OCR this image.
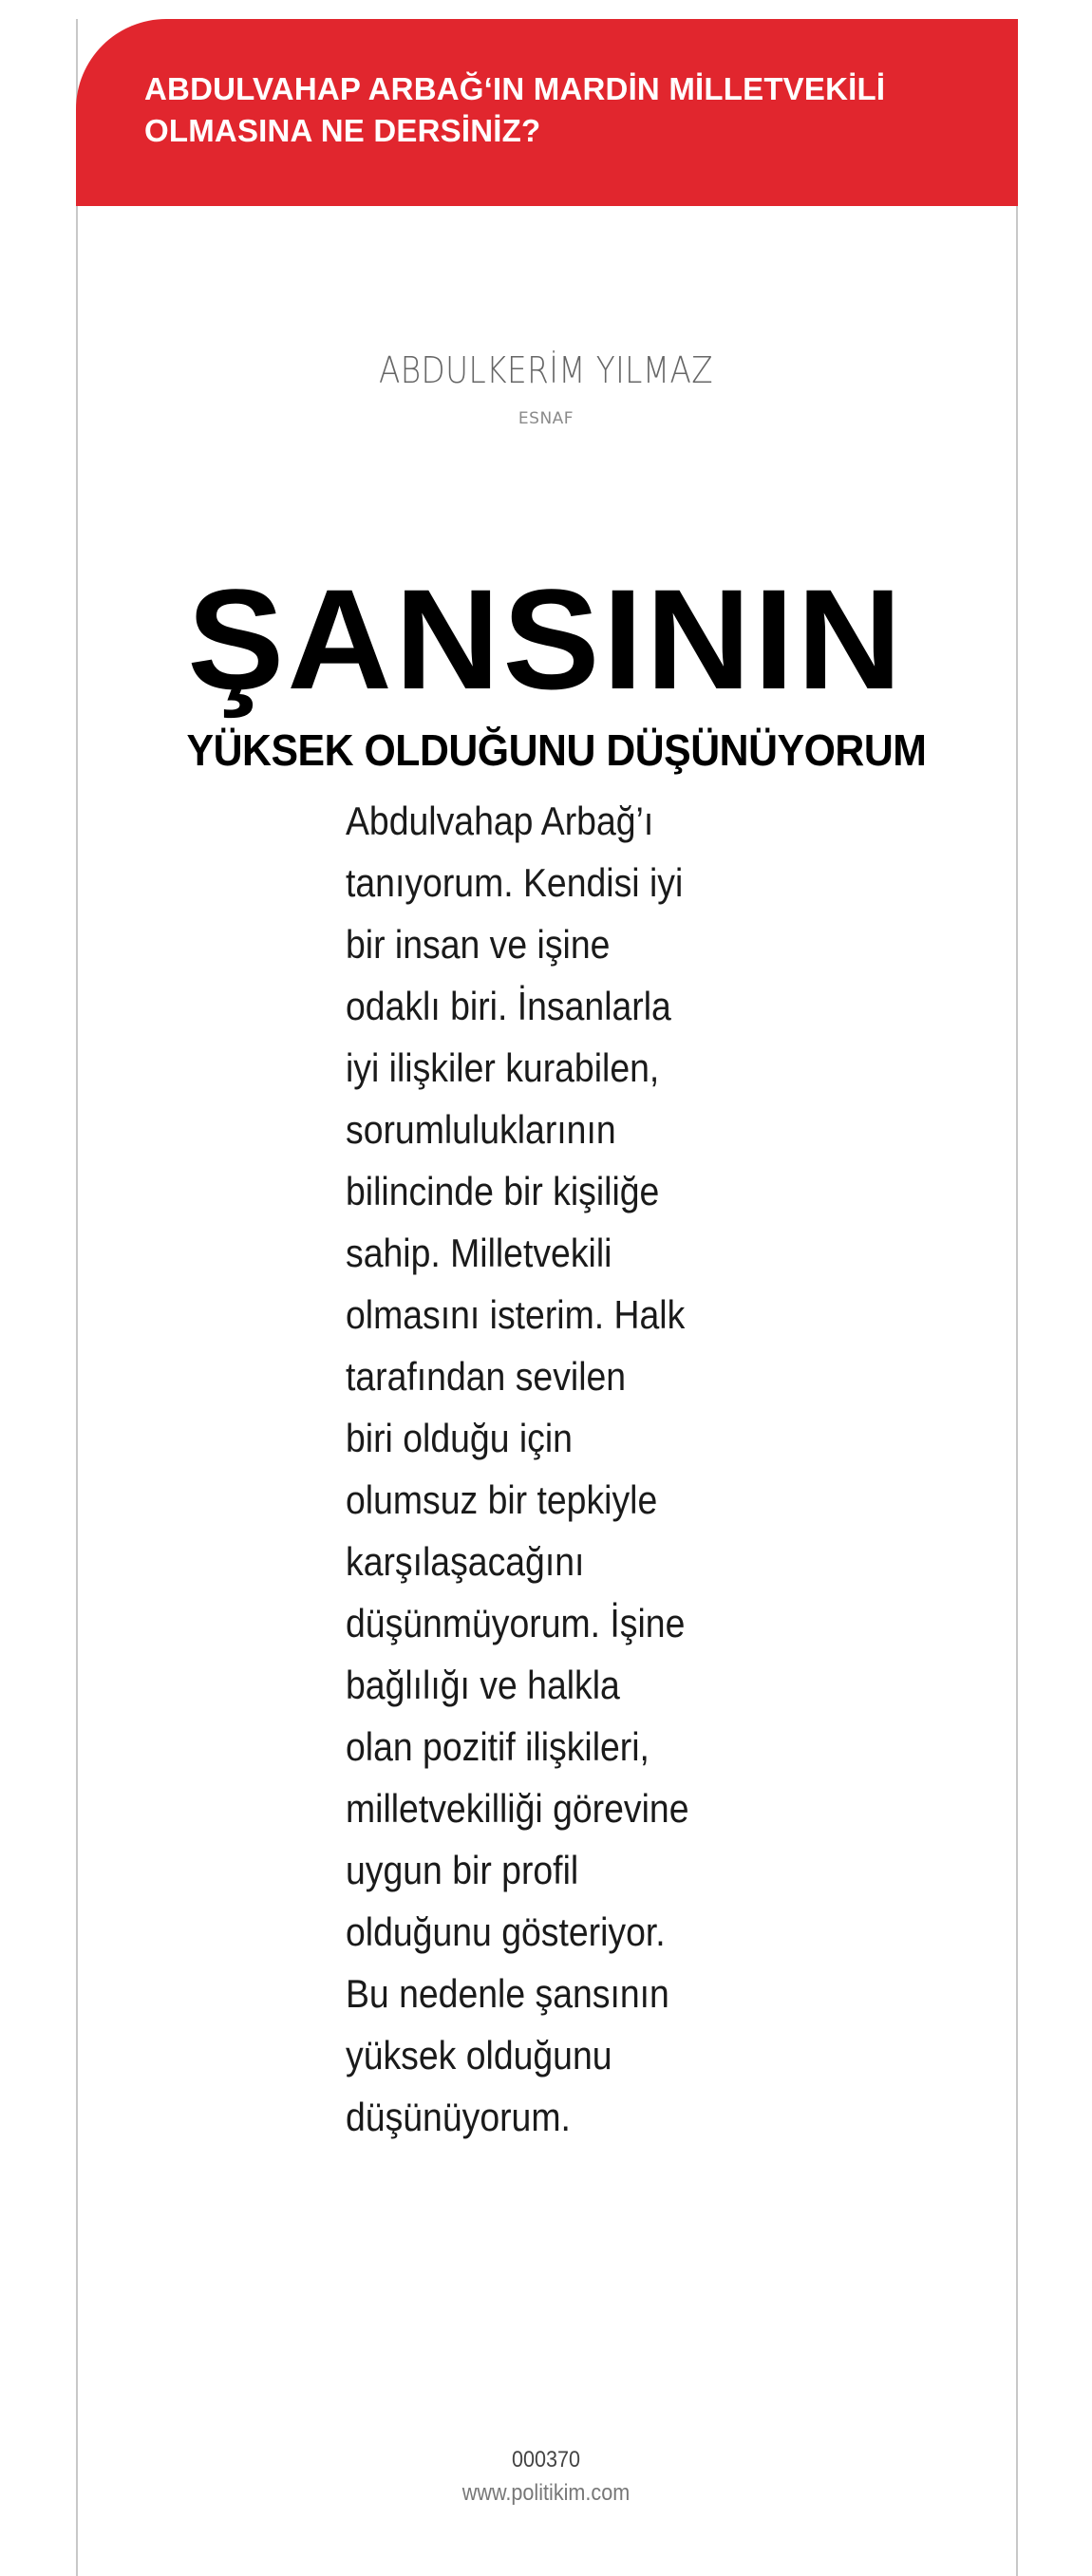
ABDULVAHAP ARBAĞ‘IN MARDİN MİLLETVEKİLİ
OLMASINA NE DERSİNİZ?

ABDULKERİM YILMAZ
ESNAF
ŞANSININ
YÜKSEK OLDUĞUNU DÜŞÜNÜYORUM

Abdulvahap Arbağ’ı
tanıyorum. Kendisi iyi
bir insan ve işine
odaklı biri. İnsanlarla
iyi ilişkiler kurabilen,
sorumluluklarının
bilincinde bir kişiliğe
sahip. Milletvekili
olmasını isterim. Halk
tarafından sevilen
biri olduğu için
olumsuz bir tepkiyle
karşılaşacağını
düşünmüyorum. İşine
bağlılığı ve halkla
olan pozitif ilişkileri,
milletvekilliği görevine
uygun bir profil
olduğunu gösteriyor.
Bu nedenle şansının
yüksek olduğunu
düşünüyorum.

000370
www.politikim.com
